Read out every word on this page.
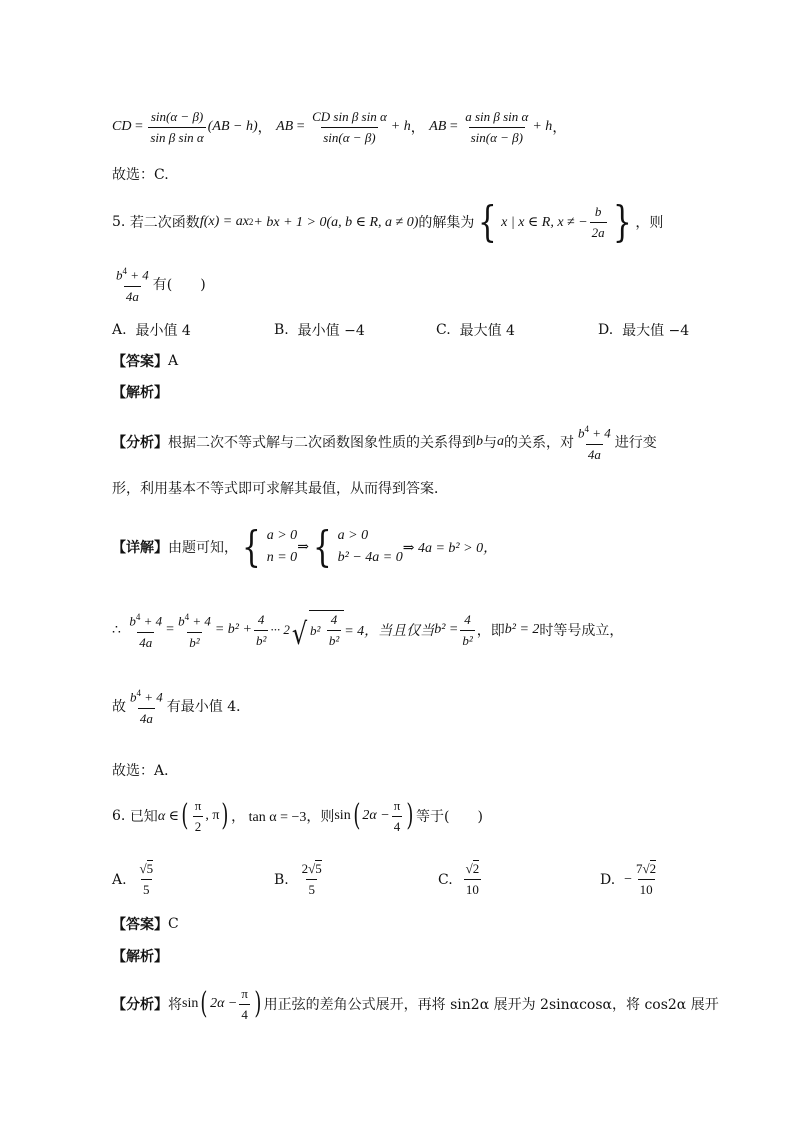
CD = $\frac{\sin(\alpha - \beta)}{\text{sin β sin α}} (AB - h)$ ，
AB = $\frac{\text{CD sin β sin α}}{\sin(\alpha - \beta)} + h$ ，
AB = $\frac{\text{a sin β sin α}}{\sin(\alpha - \beta)} + h$ ，
故选：C.
5.
若二次函数 f(x) = ax 2 + bx + 1 > 0(a, b ∈ R, a ≠ 0) 的解集为 { x | x ∈ R, x ≠ − $\frac{b}{2a}$ } ，则
$\frac{b^4 + 4}{4a}$ 有(　　)
A.
最小值 4	B.
最小值 −4	C.
最大值 4	D.
最大值 −4
【答案】 A
【解析】
【分析】 根据二次不等式解与二次函数图象性质的关系得到 b 与 a 的关系，对 $\frac{b^4 + 4}{4a}$ 进行变
形，利用基本不等式即可求解其最值，从而得到答案．
【详解】 由题可知， { a > 0
n = 0
⇒ { a > 0
b² − 4a = 0
⇒ 4a = b² > 0，
∴
$\frac{b^4 + 4}{4a} = \frac{b^4 + 4}{\text{b²}} = b^2 + \frac{4}{\text{b²}}$ ··· 2 √ b²
$\frac{4}{\text{b²}} = 4$，当且仅当 $b^2 = \frac{4}{\text{b²}}$ ，即 b² = 2 时等号成立，
故 $\frac{b^4 + 4}{4a}$ 有最小值 4．
故选：A．
6.
已知 α ∈ ( $\frac{\pi}{2}$ , π ) ， tan α = −3，则 sin ( $2\alpha - \frac{\pi}{4}$ ) 等于(　　)
A.
$\frac{√5}{5}$	B.
$\frac{2√5}{5}$	C.
$\frac{√2}{10}$	D.
− $\frac{7√2}{10}$
【答案】 C
【解析】
【分析】 将 sin ( $2\alpha - \frac{\pi}{4}$ ) 用正弦的差角公式展开，再将 sin2α 展开为 2sinαcosα，将 cos2α 展开
